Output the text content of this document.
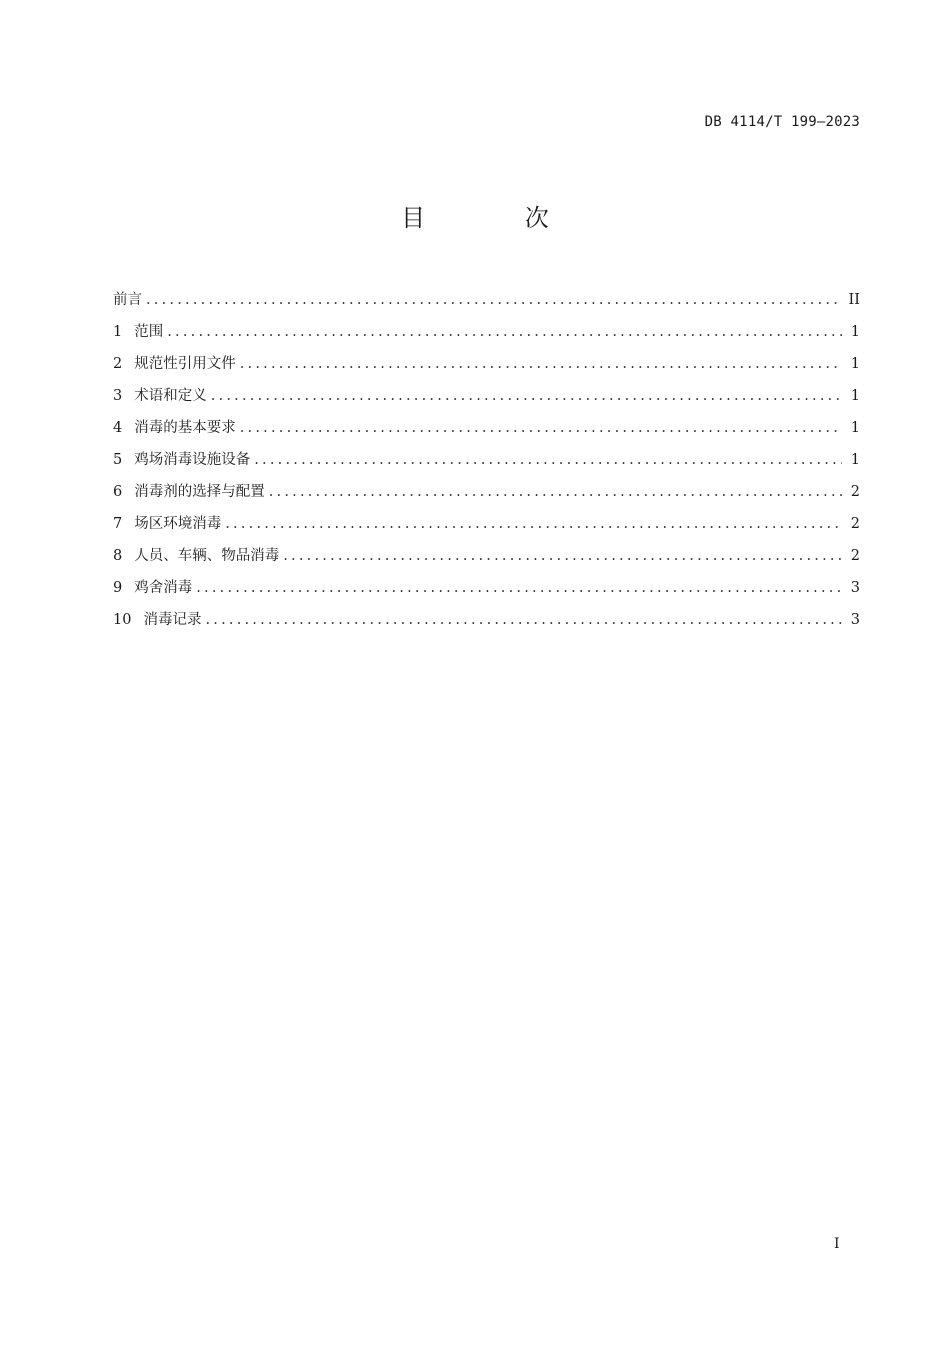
DB 4114/T 199—2023
目 次
前言 .....	II
1 范围 .....	1
2 规范性引用文件 .....	1
3 术语和定义 .....	1
4 消毒的基本要求 .....	1
5 鸡场消毒设施设备 .....	1
6 消毒剂的选择与配置 .....	2
7 场区环境消毒 .....	2
8 人员、车辆、物品消毒 .....	2
9 鸡舍消毒 .....	3
10 消毒记录 .....	3
I
